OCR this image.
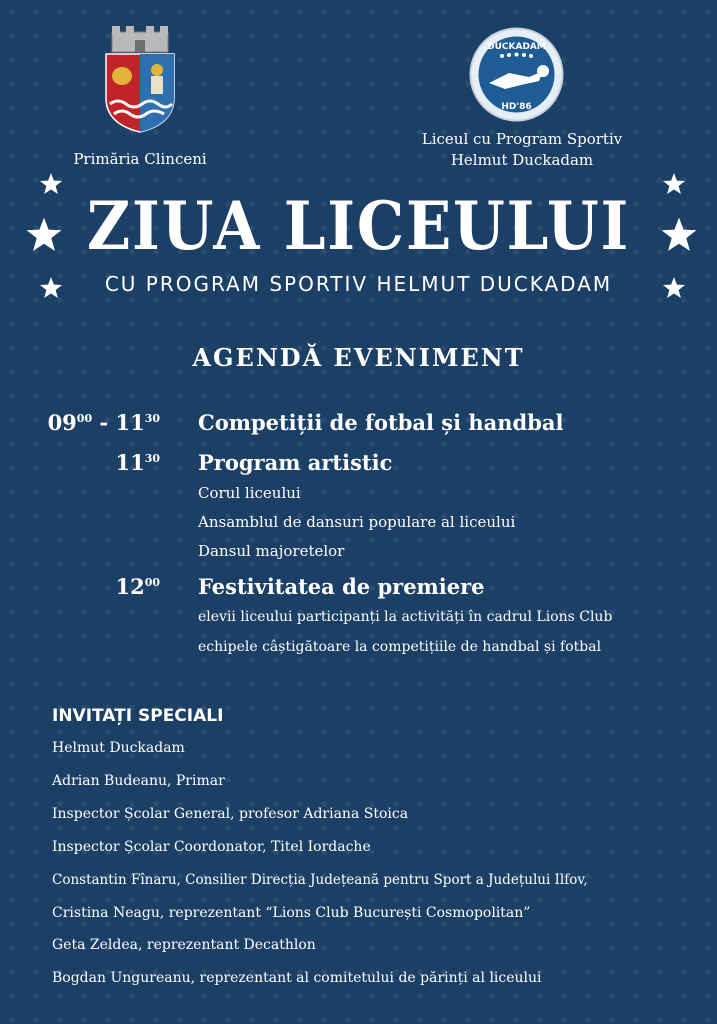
Primăria Clinceni
DUCKADAM
HD'86
Liceul cu Program Sportiv
Helmut Duckadam
ZIUA LICEULUI
CU PROGRAM SPORTIV HELMUT DUCKADAM
AGENDĂ EVENIMENT
$09^{00} - 11^{30}$ Competiții de fotbal și handbal
$11^{30}$ Program artistic
Corul liceului
Ansamblul de dansuri populare al liceului
Dansul majoretelor
$12^{00}$ Festivitatea de premiere
elevii liceului participanți la activități în cadrul Lions Club
echipele câștigătoare la competițiile de handbal și fotbal
INVITAȚI SPECIALI
Helmut Duckadam
Adrian Budeanu, Primar
Inspector Școlar General, profesor Adriana Stoica
Inspector Școlar Coordonator, Titel Iordache
Constantin Fînaru, Consilier Direcția Județeană pentru Sport a Județului Ilfov,
Cristina Neagu, reprezentant “Lions Club București Cosmopolitan”
Geta Zeldea, reprezentant Decathlon
Bogdan Ungureanu, reprezentant al comitetului de părinți al liceului
